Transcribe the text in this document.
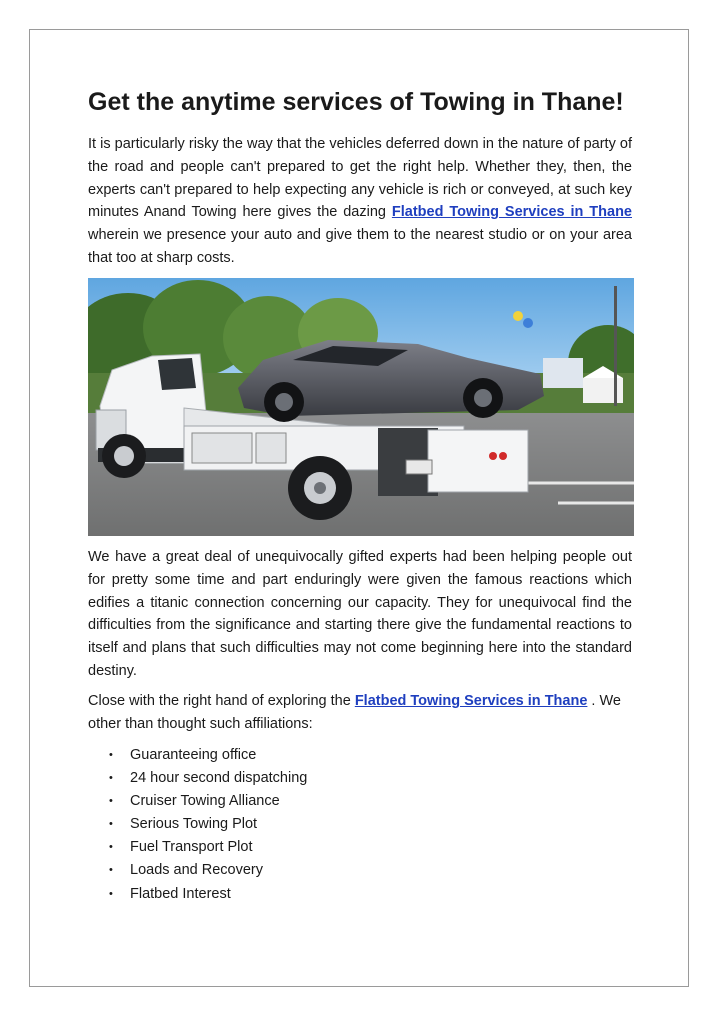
Get the anytime services of Towing in Thane!

It is particularly risky the way that the vehicles deferred down in the nature of party of the road and people can't prepared to get the right help. Whether they, then, the experts can't prepared to help expecting any vehicle is rich or conveyed, at such key minutes Anand Towing here gives the dazing Flatbed Towing Services in Thane wherein we presence your auto and give them to the nearest studio or on your area that too at sharp costs.

We have a great deal of unequivocally gifted experts had been helping people out for pretty some time and part enduringly were given the famous reactions which edifies a titanic connection concerning our capacity. They for unequivocal find the difficulties from the significance and starting there give the fundamental reactions to itself and plans that such difficulties may not come beginning here into the standard destiny.

Close with the right hand of exploring the Flatbed Towing Services in Thane . We other than thought such affiliations:

• Guaranteeing office
• 24 hour second dispatching
• Cruiser Towing Alliance
• Serious Towing Plot
• Fuel Transport Plot
• Loads and Recovery
• Flatbed Interest
